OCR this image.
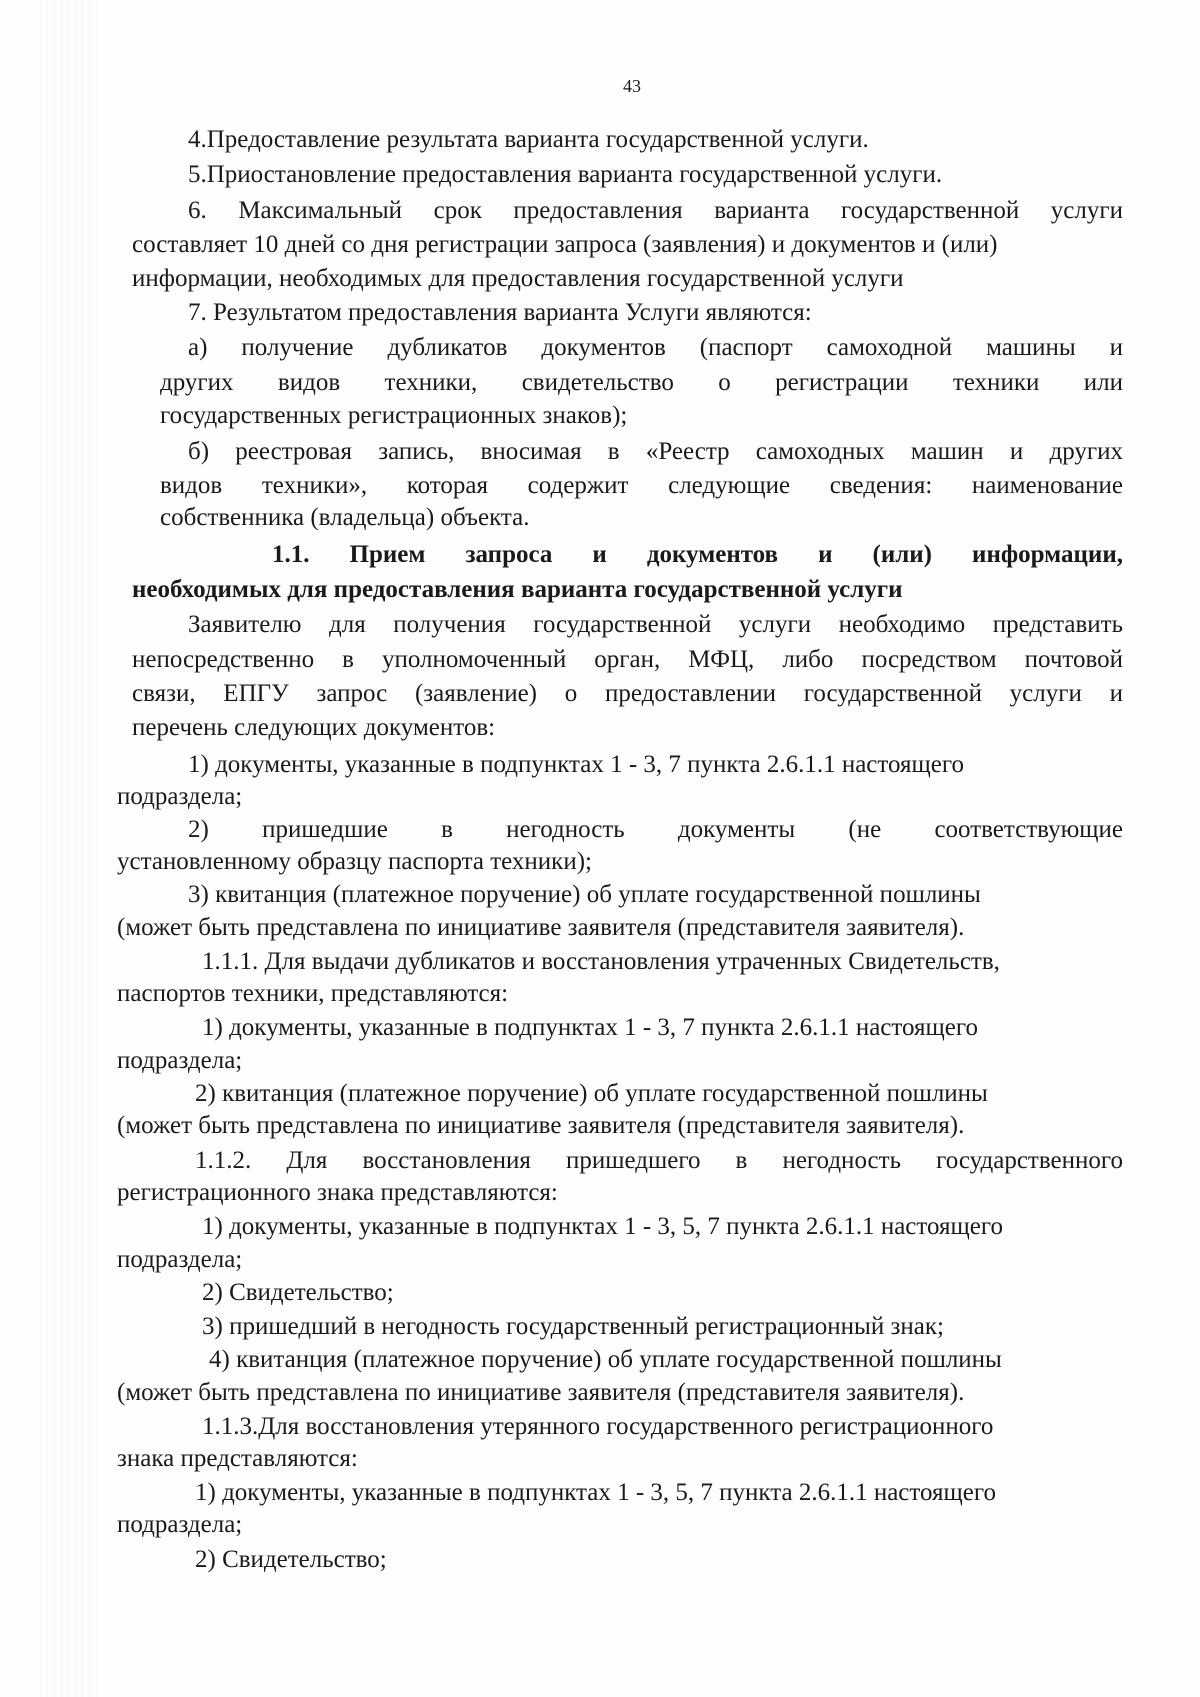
43
4.Предоставление результата варианта государственной услуги.
5.Приостановление предоставления варианта государственной услуги.
6. Максимальный срок предоставления варианта государственной услуги
составляет 10 дней со дня регистрации запроса (заявления) и документов и (или)
информации, необходимых для предоставления государственной услуги
7. Результатом предоставления варианта Услуги являются:
а) получение дубликатов документов (паспорт самоходной машины и
других видов техники, свидетельство о регистрации техники или
государственных регистрационных знаков);
б) реестровая запись, вносимая в «Реестр самоходных машин и других
видов техники», которая содержит следующие сведения: наименование
собственника (владельца) объекта.
1.1. Прием запроса и документов и (или) информации,
необходимых для предоставления варианта государственной услуги
Заявителю для получения государственной услуги необходимо представить
непосредственно в уполномоченный орган, МФЦ, либо посредством почтовой
связи, ЕПГУ запрос (заявление) о предоставлении государственной услуги и
перечень следующих документов:
1) документы, указанные в подпунктах 1 - 3, 7 пункта 2.6.1.1 настоящего
подраздела;
2) пришедшие в негодность документы (не соответствующие
установленному образцу паспорта техники);
3) квитанция (платежное поручение) об уплате государственной пошлины
(может быть представлена по инициативе заявителя (представителя заявителя).
1.1.1. Для выдачи дубликатов и восстановления утраченных Свидетельств,
паспортов техники, представляются:
1) документы, указанные в подпунктах 1 - 3, 7 пункта 2.6.1.1 настоящего
подраздела;
2) квитанция (платежное поручение) об уплате государственной пошлины
(может быть представлена по инициативе заявителя (представителя заявителя).
1.1.2. Для восстановления пришедшего в негодность государственного
регистрационного знака представляются:
1) документы, указанные в подпунктах 1 - 3, 5, 7 пункта 2.6.1.1 настоящего
подраздела;
2) Свидетельство;
3) пришедший в негодность государственный регистрационный знак;
4) квитанция (платежное поручение) об уплате государственной пошлины
(может быть представлена по инициативе заявителя (представителя заявителя).
1.1.3.Для восстановления утерянного государственного регистрационного
знака представляются:
1) документы, указанные в подпунктах 1 - 3, 5, 7 пункта 2.6.1.1 настоящего
подраздела;
2) Свидетельство;
